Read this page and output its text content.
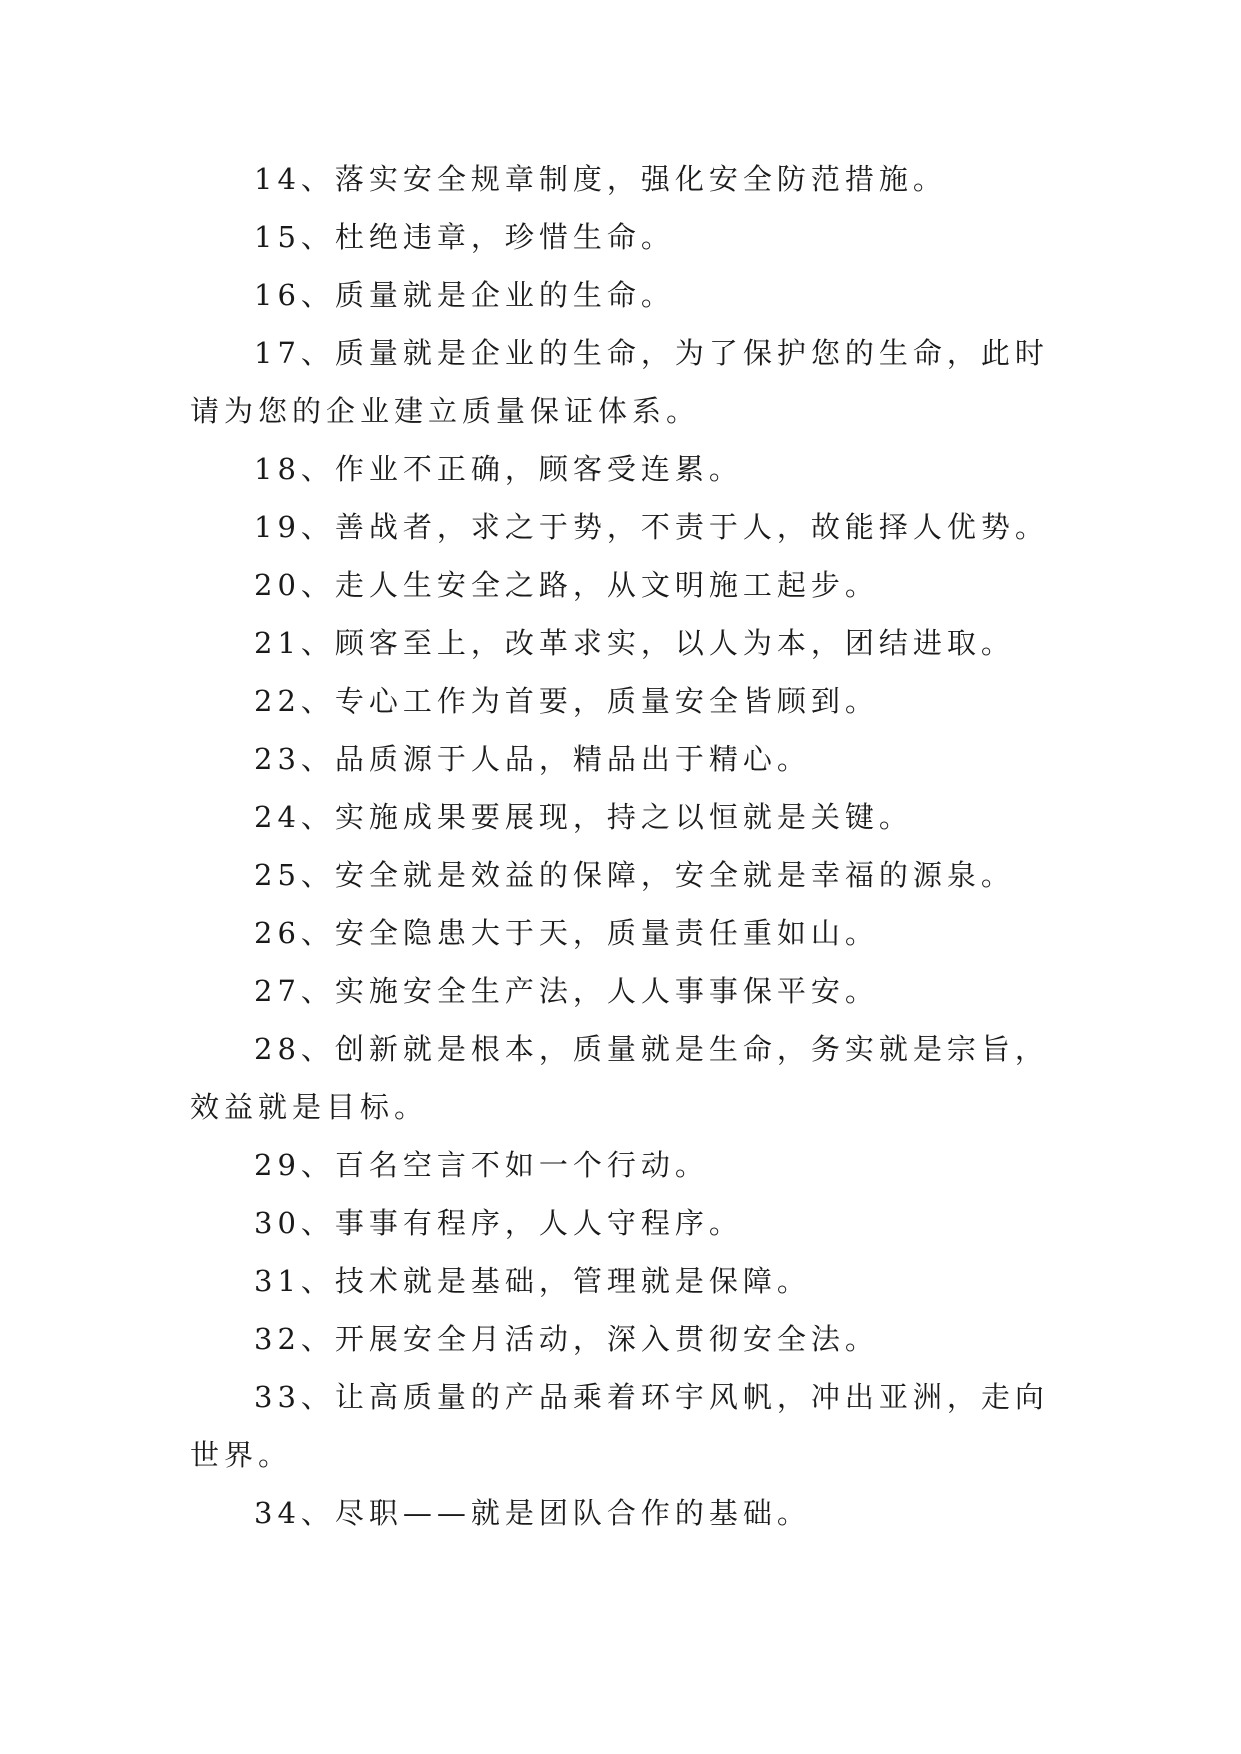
14、落实安全规章制度，强化安全防范措施。

15、杜绝违章，珍惜生命。

16、质量就是企业的生命。

17、质量就是企业的生命，为了保护您的生命，此时请为您的企业建立质量保证体系。

18、作业不正确，顾客受连累。

19、善战者，求之于势，不责于人，故能择人优势。

20、走人生安全之路，从文明施工起步。

21、顾客至上，改革求实，以人为本，团结进取。

22、专心工作为首要，质量安全皆顾到。

23、品质源于人品，精品出于精心。

24、实施成果要展现，持之以恒就是关键。

25、安全就是效益的保障，安全就是幸福的源泉。

26、安全隐患大于天，质量责任重如山。

27、实施安全生产法，人人事事保平安。

28、创新就是根本，质量就是生命，务实就是宗旨，效益就是目标。

29、百名空言不如一个行动。

30、事事有程序，人人守程序。

31、技术就是基础，管理就是保障。

32、开展安全月活动，深入贯彻安全法。

33、让高质量的产品乘着环宇风帆，冲出亚洲，走向世界。

34、尽职——就是团队合作的基础。
